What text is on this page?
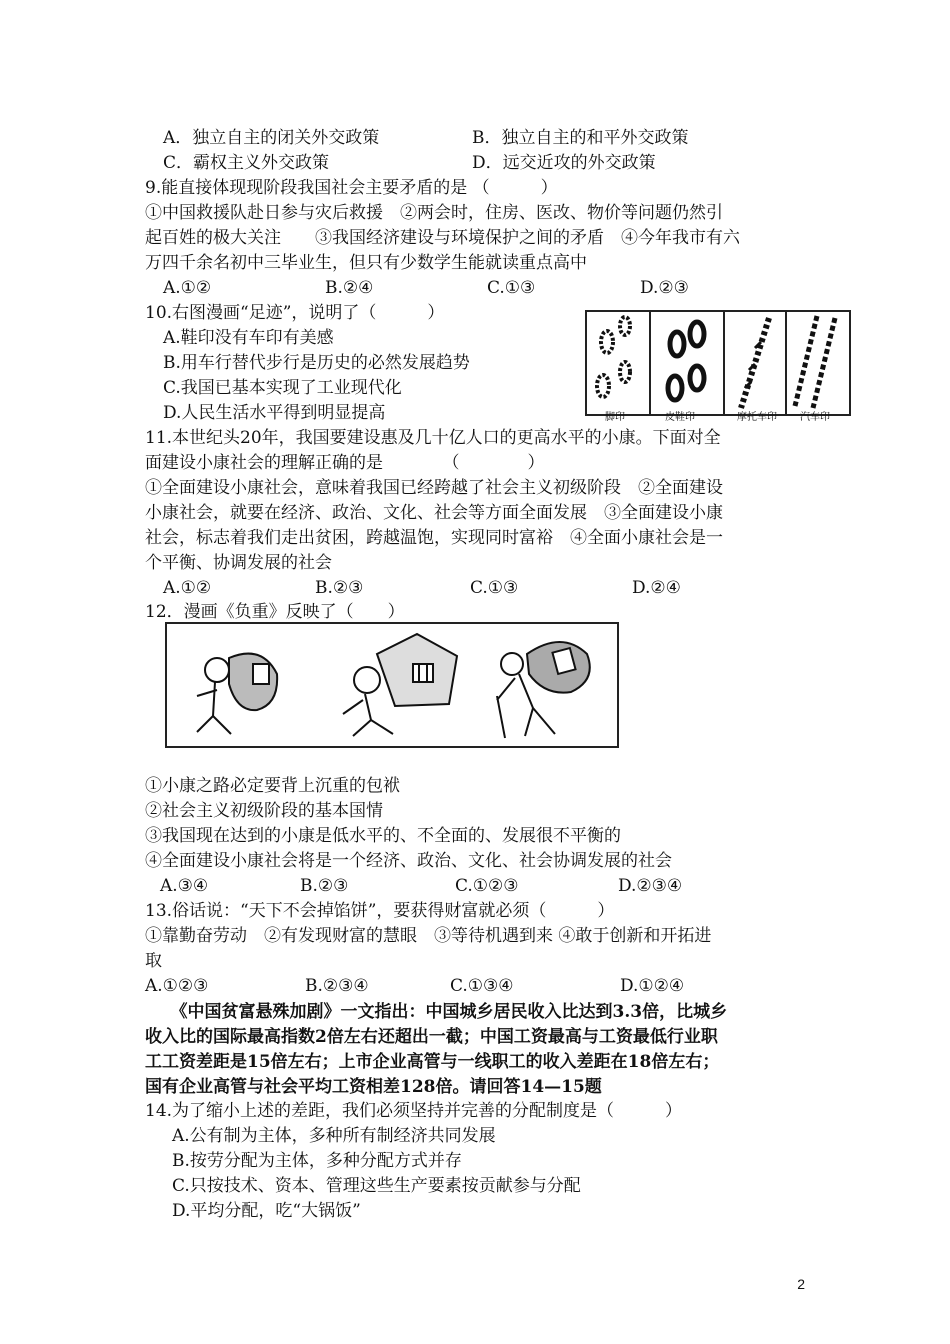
A．独立自主的闭关外交政策	B．独立自主的和平外交政策
C．霸权主义外交政策	D．远交近攻的外交政策
9.能直接体现现阶段我国社会主要矛盾的是 （　　　）
①中国救援队赴日参与灾后救援　②两会时，住房、医改、物价等问题仍然引
起百姓的极大关注　　③我国经济建设与环境保护之间的矛盾　④今年我市有六
万四千余名初中三毕业生，但只有少数学生能就读重点高中
A.①②	B.②④	C.①③	D.②③
10.右图漫画“足迹”，说明了（　　　）
A.鞋印没有车印有美感
B.用车行替代步行是历史的必然发展趋势
C.我国已基本实现了工业现代化
D.人民生活水平得到明显提高	脚印	皮鞋印	摩托车印 汽车印
11.本世纪头20年，我国要建设惠及几十亿人口的更高水平的小康。下面对全
面建设小康社会的理解正确的是　　　　（　　　　）
①全面建设小康社会，意味着我国已经跨越了社会主义初级阶段　②全面建设
小康社会，就要在经济、政治、文化、社会等方面全面发展　③全面建设小康
社会，标志着我们走出贫困，跨越温饱，实现同时富裕　④全面小康社会是一
个平衡、协调发展的社会
A.①②	B.②③	C.①③	D.②④
12．漫画《负重》反映了（　　）
①小康之路必定要背上沉重的包袱
②社会主义初级阶段的基本国情
③我国现在达到的小康是低水平的、不全面的、发展很不平衡的
④全面建设小康社会将是一个经济、政治、文化、社会协调发展的社会
A.③④	B.②③	C.①②③	D.②③④
13.俗话说：“天下不会掉馅饼”，要获得财富就必须（　　　）
①靠勤奋劳动　②有发现财富的慧眼　③等待机遇到来 ④敢于创新和开拓进
取
A.①②③	B.②③④	C.①③④	D.①②④
　　《中国贫富悬殊加剧》一文指出：中国城乡居民收入比达到3.3倍，比城乡
收入比的国际最高指数2倍左右还超出一截；中国工资最高与工资最低行业职
工工资差距是15倍左右；上市企业高管与一线职工的收入差距在18倍左右；
国有企业高管与社会平均工资相差128倍。请回答14—15题
14.为了缩小上述的差距，我们必须坚持并完善的分配制度是（　　　）
A.公有制为主体，多种所有制经济共同发展
B.按劳分配为主体，多种分配方式并存
C.只按技术、资本、管理这些生产要素按贡献参与分配
D.平均分配，吃“大锅饭”
2
